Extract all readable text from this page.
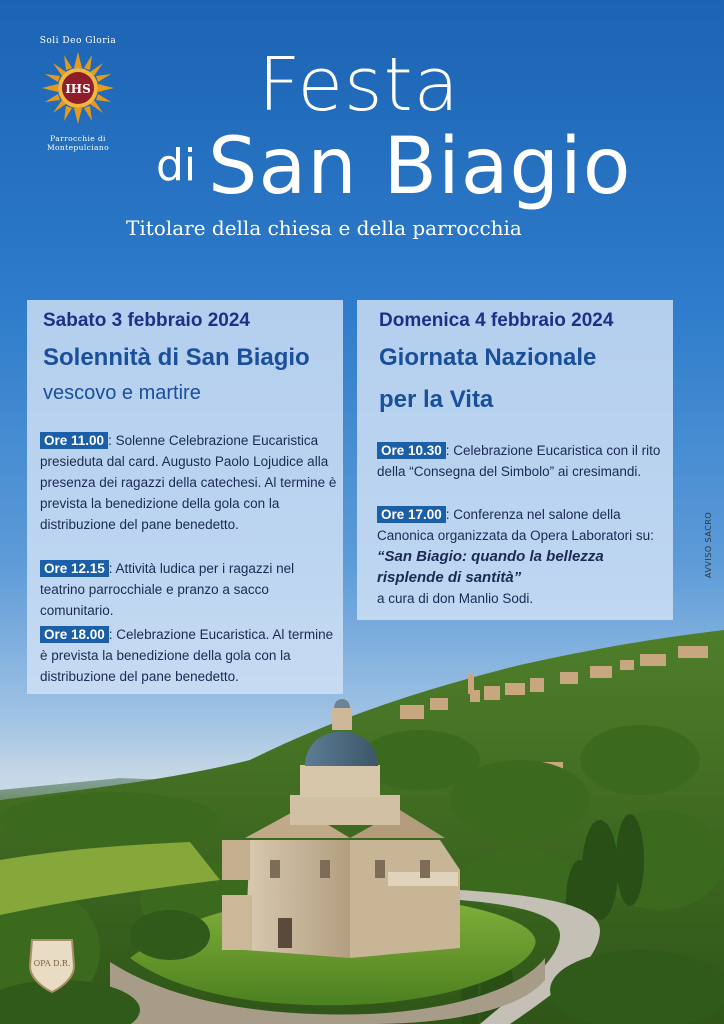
Soli Deo Gloria
IHS
Parrocchie di Montepulciano
Festa
di San Biagio
Titolare della chiesa e della parrocchia
Sabato 3 febbraio 2024
Solennità di San Biagio
vescovo e martire
Ore 11.00 : Solenne Celebrazione Eucaristica presieduta dal card. Augusto Paolo Lojudice alla presenza dei ragazzi della catechesi. Al termine è prevista la benedizione della gola con la distribuzione del pane benedetto.
Ore 12.15 : Attività ludica per i ragazzi nel teatrino parrocchiale e pranzo a sacco comunitario.
Ore 18.00 : Celebrazione Eucaristica. Al termine è prevista la benedizione della gola con la distribuzione del pane benedetto.
Domenica 4 febbraio 2024
Giornata Nazionale
per la Vita
Ore 10.30 : Celebrazione Eucaristica con il rito della “Consegna del Simbolo” ai cresimandi.
Ore 17.00 : Conferenza nel salone della Canonica organizzata da Opera Laboratori su:
“San Biagio: quando la bellezza
risplende di santità”
a cura di don Manlio Sodi.
AVVISO SACRO
OPA D.R.
